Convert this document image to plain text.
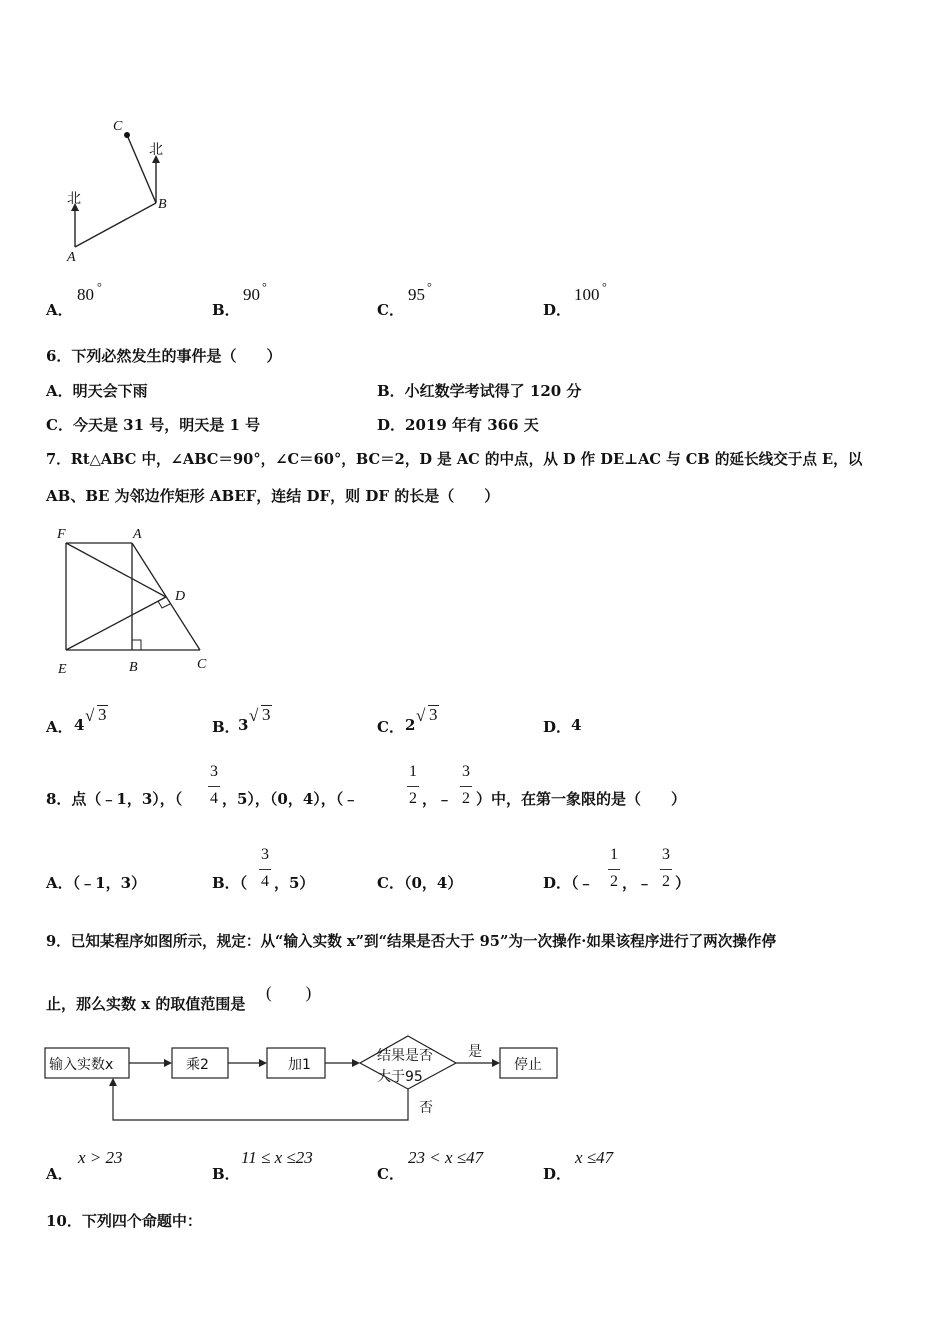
C
B
A
北
北
A．
80 °
B．
90 °
C．
95 °
D．
100 °
6．下列必然发生的事件是（　　）
A．明天会下雨	B．小红数学考试得了 120 分
C．今天是 31 号，明天是 1 号	D．2019 年有 366 天
7．Rt△ABC 中，∠ABC＝90°，∠C＝60°，BC＝2，D 是 AC 的中点，从 D 作 DE⊥AC 与 CB 的延长线交于点 E，以
AB、BE 为邻边作矩形 ABEF，连结 DF，则 DF 的长是（　　）
F	A
D
E	B	C
A． 4 √ 3
B．
3 √ 3
C． 2 √ 3
D． 4
8．点（﹣1，3），（
3
4 ，5），（0，4），（﹣
1
2 ，﹣
3
2 ）中，在第一象限的是（　　）
A．（﹣1，3）	B．（
3
4 ，5）	C．（0，4）	D．（﹣
1
2 ，﹣
3
2 ）
9．已知某程序如图所示，规定：从“输入实数 x”到“结果是否大于 95”为一次操作·如果该程序进行了两次操作停
止，那么实数 x 的取值范围是
(　　)
输入实数x	乘2	加1
结果是否
大于95
是
否
停止
A．
x > 23
B．
11 ≤ x ≤23
C．
23 < x ≤47
D．
x ≤47
10．下列四个命题中：
